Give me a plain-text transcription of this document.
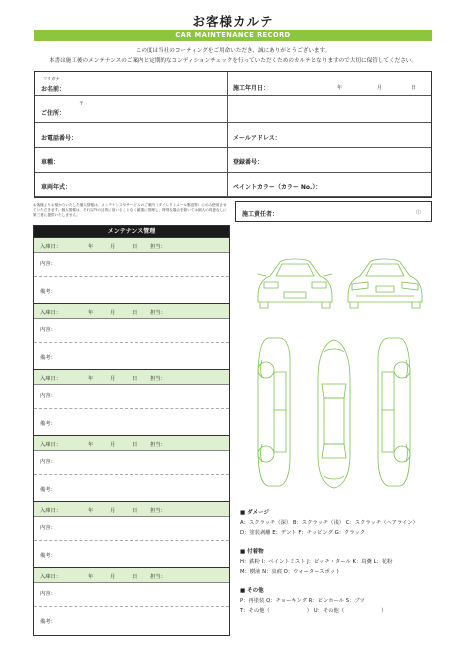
お客様カルテ
CAR MAINTENANCE RECORD
この度は当社のコーティングをご用命いただき、誠にありがとうございます。
本書は施工後のメンテナンスのご案内と定期的なコンディションチェックを行っていただくためのカルテとなりますので大切に保管してください。
フリガナ
お名前：	施工年月日：	年	月	日
〒
ご住所：
お電話番号：	メールアドレス：
車種：	登録番号：
車両年式：	ペイントカラー（カラー No.）：
お客様よりお預かりいたした個人情報は、メンテナンスやサービスのご案内（ダイレクトメール郵送等）にのみ使用させていただきます。個人情報は、それ以外の目的に用いることなく厳重に管理し、特別な場合を除いては個人の同意なしに第三者に提供いたしません。	施工責任者：	印
メンテナンス管理
入庫日：	年	月	日 担当：
内容：
備考：
入庫日：	年	月	日 担当：
内容：
備考：
入庫日：	年	月	日 担当：
内容：
備考：
入庫日：	年	月	日 担当：
内容：
備考：
入庫日：	年	月	日 担当：
内容：
備考：
入庫日：	年	月	日 担当：
内容：
備考：
■ ダメージ
A：スクラッチ（深） B：スクラッチ（浅） C：スクラッチ（ヘアライン）
D：塗装剥離 E：デント F：チッピング G：クラック
■ 付着物
H：鉄粉 I：ペイントミスト J：ピッチ・タール K：鳥糞 L：花粉
M：樹液 N：虫痕 O：ウォータースポット
■ その他
P：再塗装 Q：チョーキング R：ピンホール S：ブツ
T：その他（　　　　　　　） U：その他（　　　　　　　）
